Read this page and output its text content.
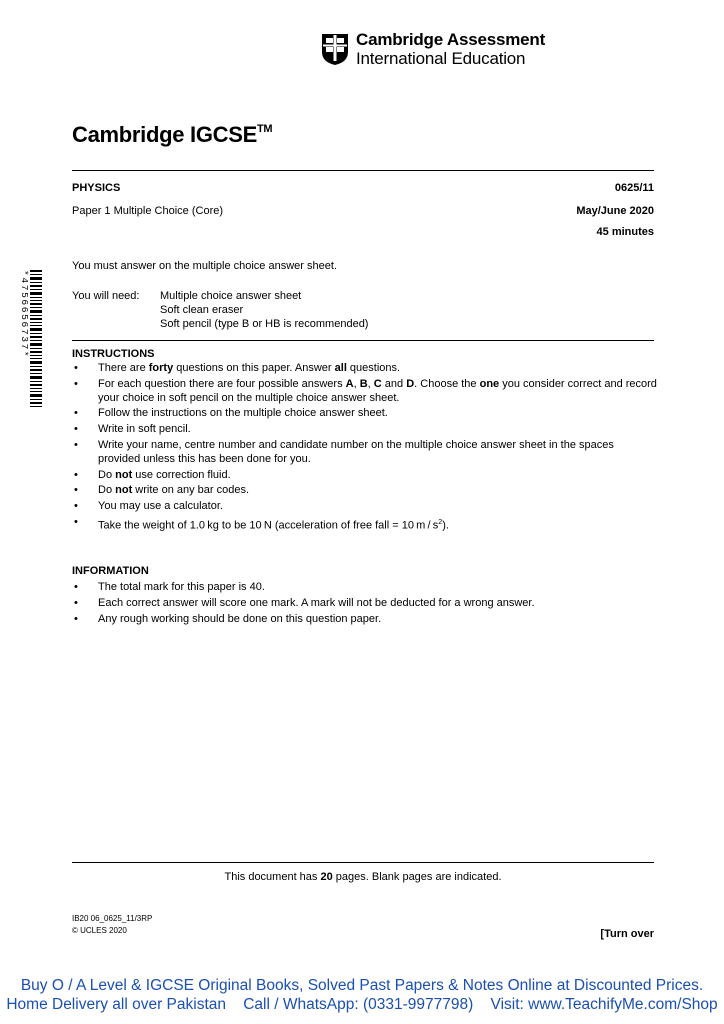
Cambridge Assessment
International Education
Cambridge IGCSE™
PHYSICS	0625/11
Paper 1 Multiple Choice (Core)	May/June 2020
45 minutes
You must answer on the multiple choice answer sheet.
You will need: Multiple choice answer sheet
Soft clean eraser
Soft pencil (type B or HB is recommended)
*4756656737*	INSTRUCTIONS
• There are forty questions on this paper. Answer all questions.
• For each question there are four possible answers A, B, C and D. Choose the one you consider correct and record your choice in soft pencil on the multiple choice answer sheet.
• Follow the instructions on the multiple choice answer sheet.
• Write in soft pencil.
• Write your name, centre number and candidate number on the multiple choice answer sheet in the spaces provided unless this has been done for you.
• Do not use correction fluid.
• Do not write on any bar codes.
• You may use a calculator.
• Take the weight of 1.0 kg to be 10 N (acceleration of free fall = 10 m / $s^2$).
INFORMATION
• The total mark for this paper is 40.
• Each correct answer will score one mark. A mark will not be deducted for a wrong answer.
• Any rough working should be done on this question paper.
This document has 20 pages. Blank pages are indicated.
IB20 06_0625_11/3RP
© UCLES 2020	[Turn over
Buy O / A Level & IGCSE Original Books, Solved Past Papers & Notes Online at Discounted Prices.
Home Delivery all over Pakistan    Call / WhatsApp: (0331-9977798)    Visit: www.TeachifyMe.com/Shop
